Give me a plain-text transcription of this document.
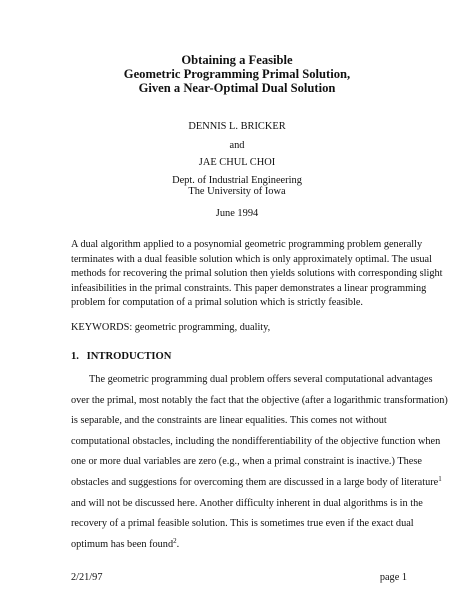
Obtaining a Feasible
Geometric Programming Primal Solution,
Given a Near-Optimal Dual Solution
DENNIS L. BRICKER
and
JAE CHUL CHOI
Dept. of Industrial Engineering
The University of Iowa
June 1994
A dual algorithm applied to a posynomial geometric programming problem generally
terminates with a dual feasible solution which is only approximately optimal. The usual
methods for recovering the primal solution then yields solutions with corresponding slight
infeasibilities in the primal constraints. This paper demonstrates a linear programming
problem for computation of a primal solution which is strictly feasible.
KEYWORDS: geometric programming, duality,
1. INTRODUCTION
The geometric programming dual problem offers several computational advantages
over the primal, most notably the fact that the objective (after a logarithmic transformation)
is separable, and the constraints are linear equalities. This comes not without
computational obstacles, including the nondifferentiability of the objective function when
one or more dual variables are zero (e.g., when a primal constraint is inactive.) These
obstacles and suggestions for overcoming them are discussed in a large body of literature$^1$
and will not be discussed here. Another difficulty inherent in dual algorithms is in the
recovery of a primal feasible solution. This is sometimes true even if the exact dual
optimum has been found$^2$.
2/21/97	page 1
